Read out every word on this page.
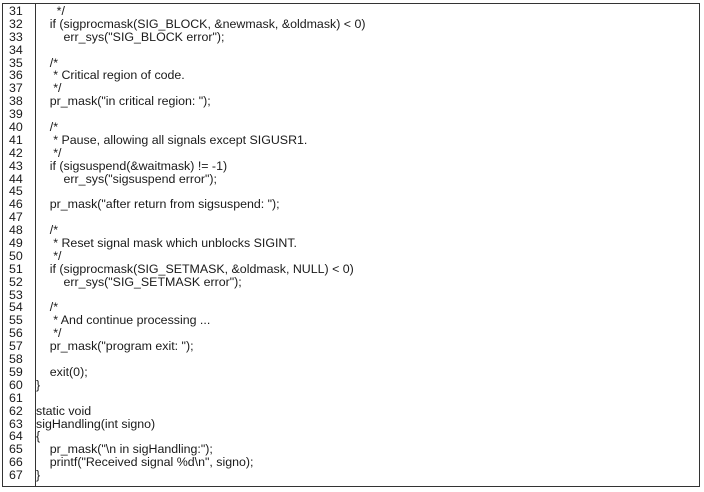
31	*/
32	if (sigprocmask(SIG_BLOCK, &newmask, &oldmask) < 0)
33	err_sys("SIG_BLOCK error");
34
35	/*
36	* Critical region of code.
37	*/
38	pr_mask("in critical region: ");
39
40	/*
41	* Pause, allowing all signals except SIGUSR1.
42	*/
43	if (sigsuspend(&waitmask) != -1)
44	err_sys("sigsuspend error");
45
46	pr_mask("after return from sigsuspend: ");
47
48	/*
49	* Reset signal mask which unblocks SIGINT.
50	*/
51	if (sigprocmask(SIG_SETMASK, &oldmask, NULL) < 0)
52	err_sys("SIG_SETMASK error");
53
54	/*
55	* And continue processing ...
56	*/
57	pr_mask("program exit: ");
58
59	exit(0);
60	}
61
62	static void
63	sigHandling(int signo)
64	{
65	pr_mask("\n in sigHandling:");
66	printf("Received signal %d\n", signo);
67	}
